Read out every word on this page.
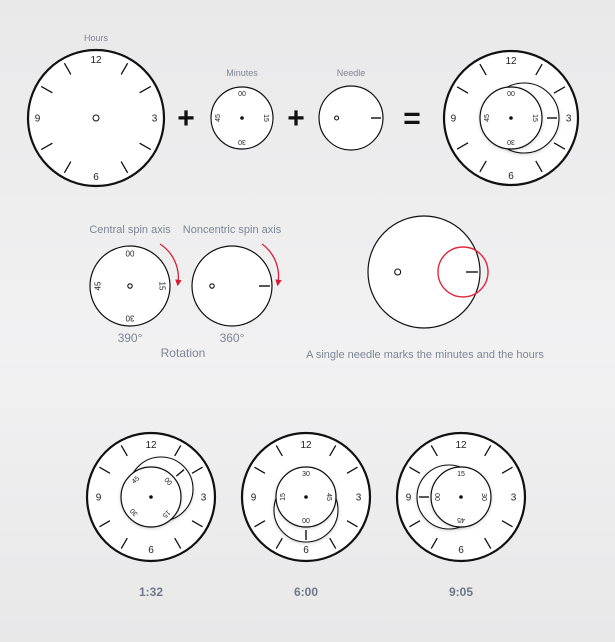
Hours
12
3
6
9	+
Minutes
00
15
30
45 +
Needle
=
12
3
6
9
00
15
30
45
Central spin axis Noncentric spin axis
00
15
30
45
390°	360°
Rotation	A single needle marks the minutes and the hours
12
3
6
9
00
15
30
45
12
3
6
9
00
15
30
45
12
3
6
9	00
15
30
45
1:32	6:00	9:05
